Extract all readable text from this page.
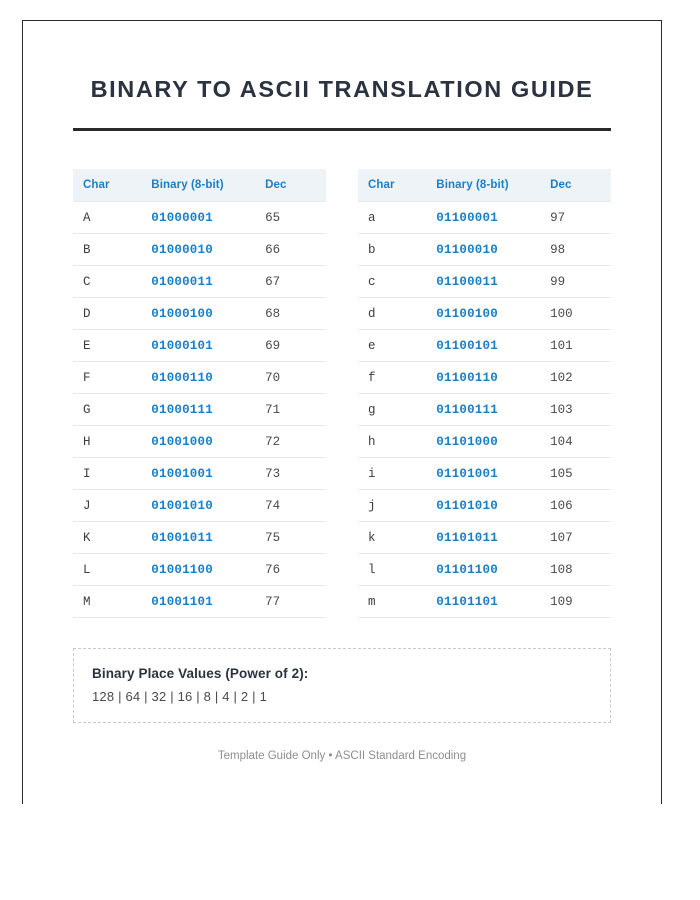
BINARY TO ASCII TRANSLATION GUIDE
Char	Binary (8-bit)	Dec
A	01000001	65
B	01000010	66
C	01000011	67
D	01000100	68
E	01000101	69
F	01000110	70
G	01000111	71
H	01001000	72
I	01001001	73
J	01001010	74
K	01001011	75
L	01001100	76
M	01001101	77
Char	Binary (8-bit)	Dec
a	01100001	97
b	01100010	98
c	01100011	99
d	01100100	100
e	01100101	101
f	01100110	102
g	01100111	103
h	01101000	104
i	01101001	105
j	01101010	106
k	01101011	107
l	01101100	108
m	01101101	109
Binary Place Values (Power of 2):
128 | 64 | 32 | 16 | 8 | 4 | 2 | 1
Template Guide Only • ASCII Standard Encoding
